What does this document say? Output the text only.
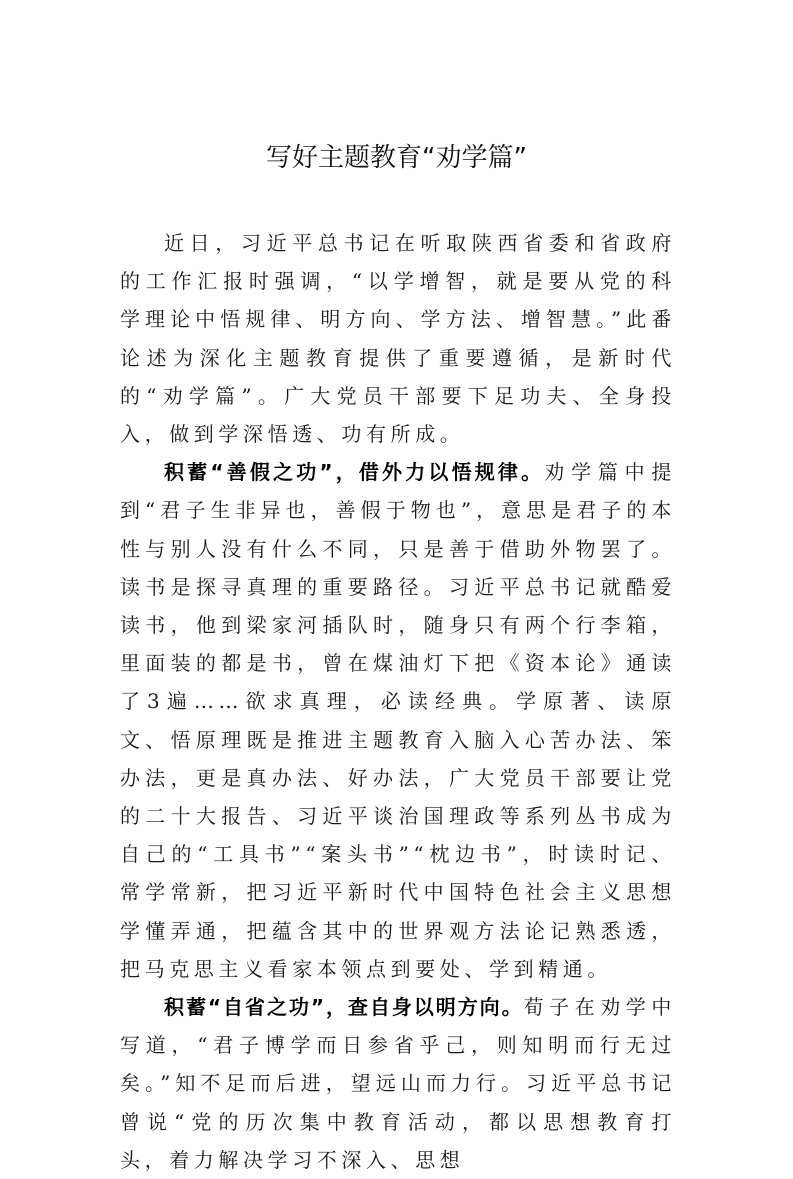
写好主题教育“劝学篇”

近日，习近平总书记在听取陕西省委和省政府的工作汇报时强调，“以学增智，就是要从党的科学理论中悟规律、明方向、学方法、增智慧。”此番论述为深化主题教育提供了重要遵循，是新时代的“劝学篇”。广大党员干部要下足功夫、全身投入，做到学深悟透、功有所成。

积蓄“善假之功”，借外力以悟规律。劝学篇中提到“君子生非异也，善假于物也”，意思是君子的本性与别人没有什么不同，只是善于借助外物罢了。读书是探寻真理的重要路径。习近平总书记就酷爱读书，他到梁家河插队时，随身只有两个行李箱，里面装的都是书，曾在煤油灯下把《资本论》通读了3遍……欲求真理，必读经典。学原著、读原文、悟原理既是推进主题教育入脑入心苦办法、笨办法，更是真办法、好办法，广大党员干部要让党的二十大报告、习近平谈治国理政等系列丛书成为自己的“工具书”“案头书”“枕边书”，时读时记、常学常新，把习近平新时代中国特色社会主义思想学懂弄通，把蕴含其中的世界观方法论记熟悉透，把马克思主义看家本领点到要处、学到精通。

积蓄“自省之功”，查自身以明方向。荀子在劝学中写道，“君子博学而日参省乎己，则知明而行无过矣。”知不足而后进，望远山而力行。习近平总书记曾说“党的历次集中教育活动，都以思想教育打头，着力解决学习不深入、思想
